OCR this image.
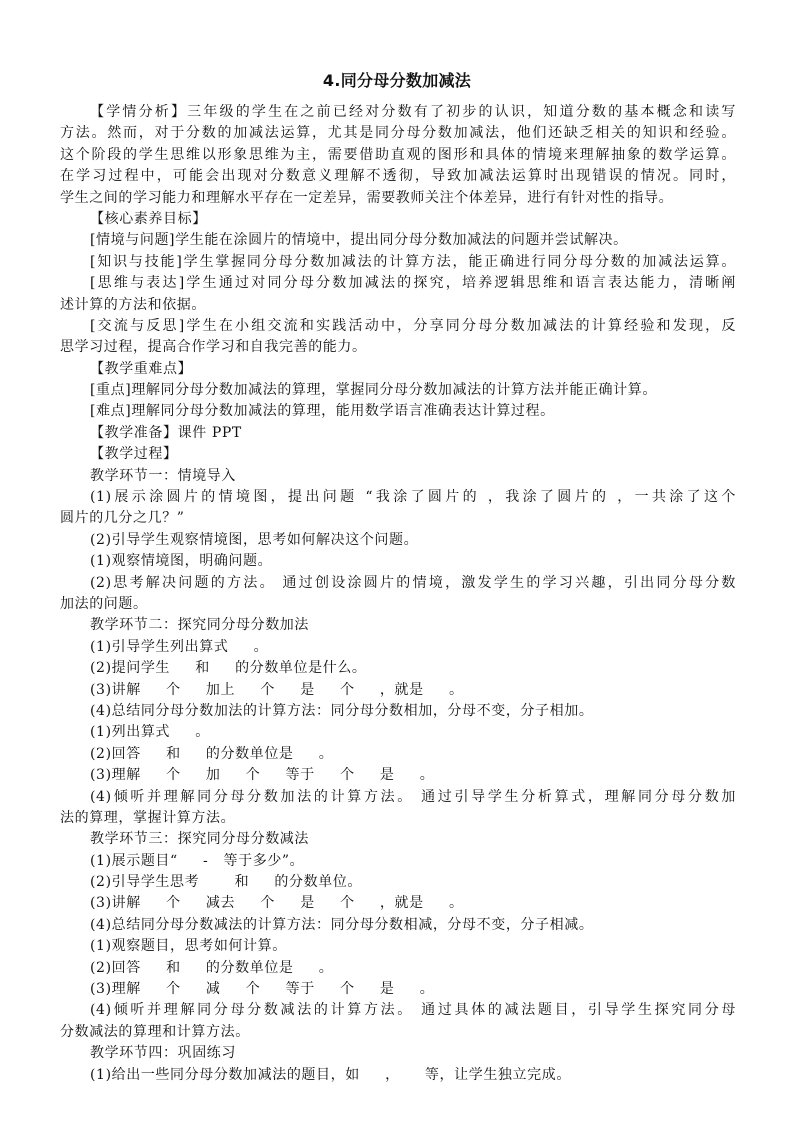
4.同分母分数加减法
【学情分析】三年级的学生在之前已经对分数有了初步的认识，知道分数的基本概念和读写
方法。然而，对于分数的加减法运算，尤其是同分母分数加减法，他们还缺乏相关的知识和经验。
这个阶段的学生思维以形象思维为主，需要借助直观的图形和具体的情境来理解抽象的数学运算。
在学习过程中，可能会出现对分数意义理解不透彻，导致加减法运算时出现错误的情况。同时，
学生之间的学习能力和理解水平存在一定差异，需要教师关注个体差异，进行有针对性的指导。
【核心素养目标】
[情境与问题]学生能在涂圆片的情境中，提出同分母分数加减法的问题并尝试解决。
[知识与技能]学生掌握同分母分数加减法的计算方法，能正确进行同分母分数的加减法运算。
[思维与表达]学生通过对同分母分数加减法的探究，培养逻辑思维和语言表达能力，清晰阐
述计算的方法和依据。
[交流与反思]学生在小组交流和实践活动中，分享同分母分数加减法的计算经验和发现，反
思学习过程，提高合作学习和自我完善的能力。
【教学重难点】
[重点]理解同分母分数加减法的算理，掌握同分母分数加减法的计算方法并能正确计算。
[难点]理解同分母分数加减法的算理，能用数学语言准确表达计算过程。
【教学准备】课件 PPT
【教学过程】
教学环节一：情境导入
(1)展示涂圆片的情境图，提出问题 “我涂了圆片的 ，我涂了圆片的 ，一共涂了这个
圆片的几分之几？”
(2)引导学生观察情境图，思考如何解决这个问题。
(1)观察情境图，明确问题。
(2)思考解决问题的方法。 通过创设涂圆片的情境，激发学生的学习兴趣，引出同分母分数
加法的问题。
教学环节二：探究同分母分数加法
(1)引导学生列出算式     。
(2)提问学生     和     的分数单位是什么。
(3)讲解     个     加上     个     是     个     ，就是     。
(4)总结同分母分数加法的计算方法：同分母分数相加，分母不变，分子相加。
(1)列出算式     。
(2)回答     和     的分数单位是     。
(3)理解     个     加     个     等于     个     是     。
(4)倾听并理解同分母分数加法的计算方法。 通过引导学生分析算式，理解同分母分数加
法的算理，掌握计算方法。
教学环节三：探究同分母分数减法
(1)展示题目“     -   等于多少”。
(2)引导学生思考       和     的分数单位。
(3)讲解     个     减去     个     是     个     ，就是     。
(4)总结同分母分数减法的计算方法：同分母分数相减，分母不变，分子相减。
(1)观察题目，思考如何计算。
(2)回答     和     的分数单位是     。
(3)理解     个     减     个     等于     个     是     。
(4)倾听并理解同分母分数减法的计算方法。 通过具体的减法题目，引导学生探究同分母
分数减法的算理和计算方法。
教学环节四：巩固练习
(1)给出一些同分母分数加减法的题目，如     ，     等，让学生独立完成。
